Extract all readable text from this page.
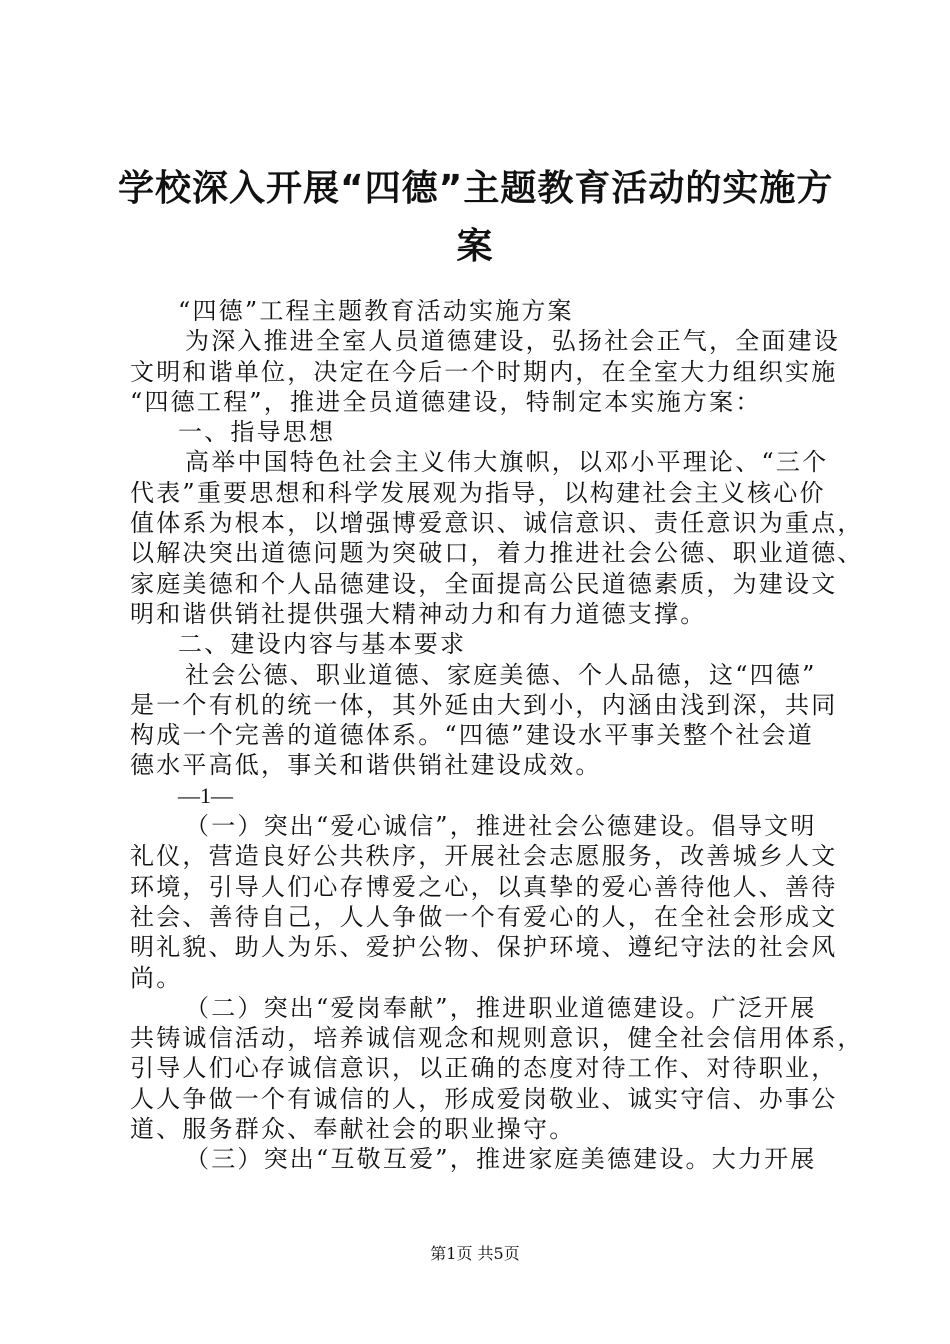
学校深入开展“四德”主题教育活动的实施方
案
“四德”工程主题教育活动实施方案
为深入推进全室人员道德建设，弘扬社会正气，全面建设
文明和谐单位，决定在今后一个时期内，在全室大力组织实施
“四德工程”，推进全员道德建设，特制定本实施方案：
一、指导思想
高举中国特色社会主义伟大旗帜，以邓小平理论、“三个
代表”重要思想和科学发展观为指导，以构建社会主义核心价
值体系为根本，以增强博爱意识、诚信意识、责任意识为重点，
以解决突出道德问题为突破口，着力推进社会公德、职业道德、
家庭美德和个人品德建设，全面提高公民道德素质，为建设文
明和谐供销社提供强大精神动力和有力道德支撑。
二、建设内容与基本要求
社会公德、职业道德、家庭美德、个人品德，这“四德”
是一个有机的统一体，其外延由大到小，内涵由浅到深，共同
构成一个完善的道德体系。“四德”建设水平事关整个社会道
德水平高低，事关和谐供销社建设成效。
—1—
（一）突出“爱心诚信”，推进社会公德建设。倡导文明
礼仪，营造良好公共秩序，开展社会志愿服务，改善城乡人文
环境，引导人们心存博爱之心，以真挚的爱心善待他人、善待
社会、善待自己，人人争做一个有爱心的人，在全社会形成文
明礼貌、助人为乐、爱护公物、保护环境、遵纪守法的社会风
尚。
（二）突出“爱岗奉献”，推进职业道德建设。广泛开展
共铸诚信活动，培养诚信观念和规则意识，健全社会信用体系，
引导人们心存诚信意识，以正确的态度对待工作、对待职业，
人人争做一个有诚信的人，形成爱岗敬业、诚实守信、办事公
道、服务群众、奉献社会的职业操守。
（三）突出“互敬互爱”，推进家庭美德建设。大力开展
第1页 共5页
